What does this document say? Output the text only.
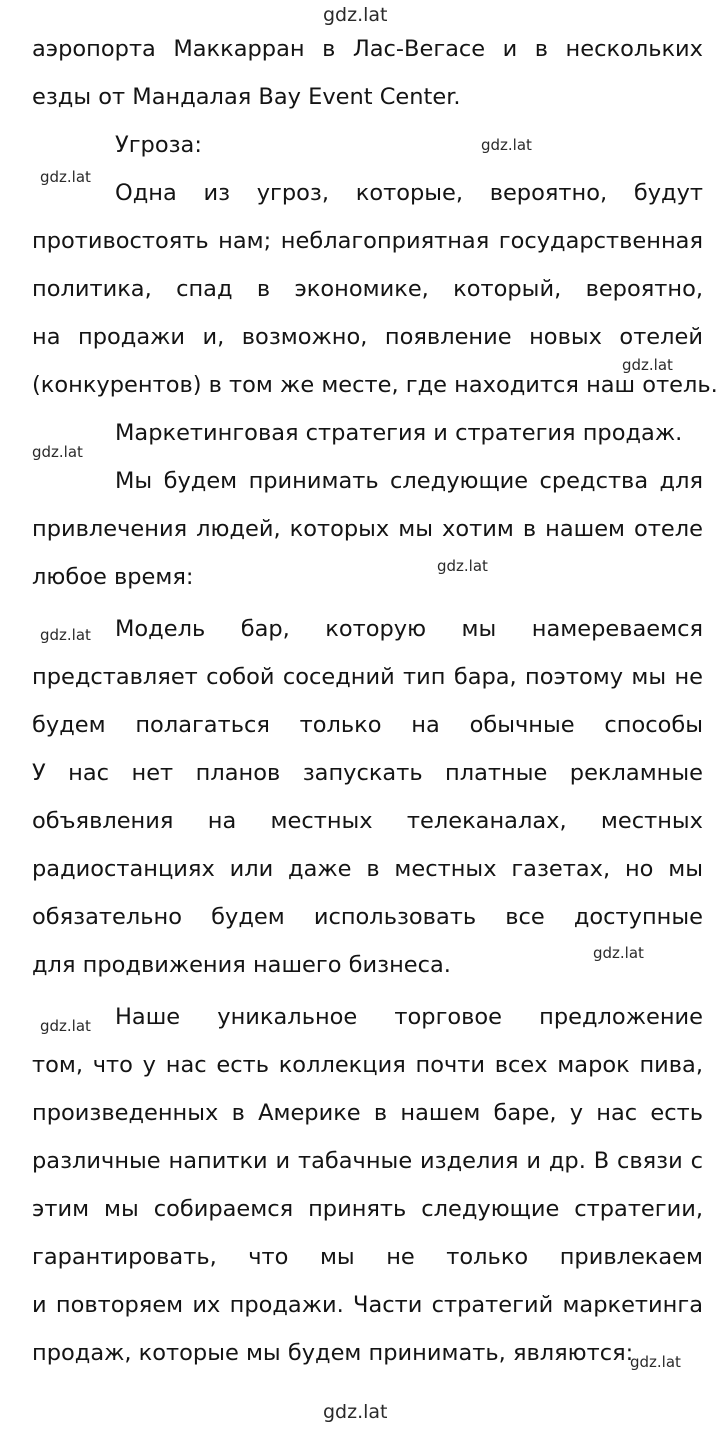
gdz.lat
аэропорта Маккарран в Лас-Вегасе и в нескольких
езды от Мандалая Bay Event Center.
Угроза:
Одна из угроз, которые, вероятно, будут
противостоять нам; неблагоприятная государственная
политика, спад в экономике, который, вероятно,
на продажи и, возможно, появление новых отелей
(конкурентов) в том же месте, где находится наш отель.
Маркетинговая стратегия и стратегия продаж.
Мы будем принимать следующие средства для
привлечения людей, которых мы хотим в нашем отеле
любое время:
Модель бар, которую мы намереваемся
представляет собой соседний тип бара, поэтому мы не
будем полагаться только на обычные способы
У нас нет планов запускать платные рекламные
объявления на местных телеканалах, местных
радиостанциях или даже в местных газетах, но мы
обязательно будем использовать все доступные
для продвижения нашего бизнеса.
Наше уникальное торговое предложение
том, что у нас есть коллекция почти всех марок пива,
произведенных в Америке в нашем баре, у нас есть
различные напитки и табачные изделия и др. В связи с
этим мы собираемся принять следующие стратегии,
гарантировать, что мы не только привлекаем
и повторяем их продажи. Части стратегий маркетинга
продаж, которые мы будем принимать, являются:
gdz.lat
gdz.lat
gdz.lat
gdz.lat
gdz.lat
gdz.lat
gdz.lat
gdz.lat
gdz.lat
gdz.lat
